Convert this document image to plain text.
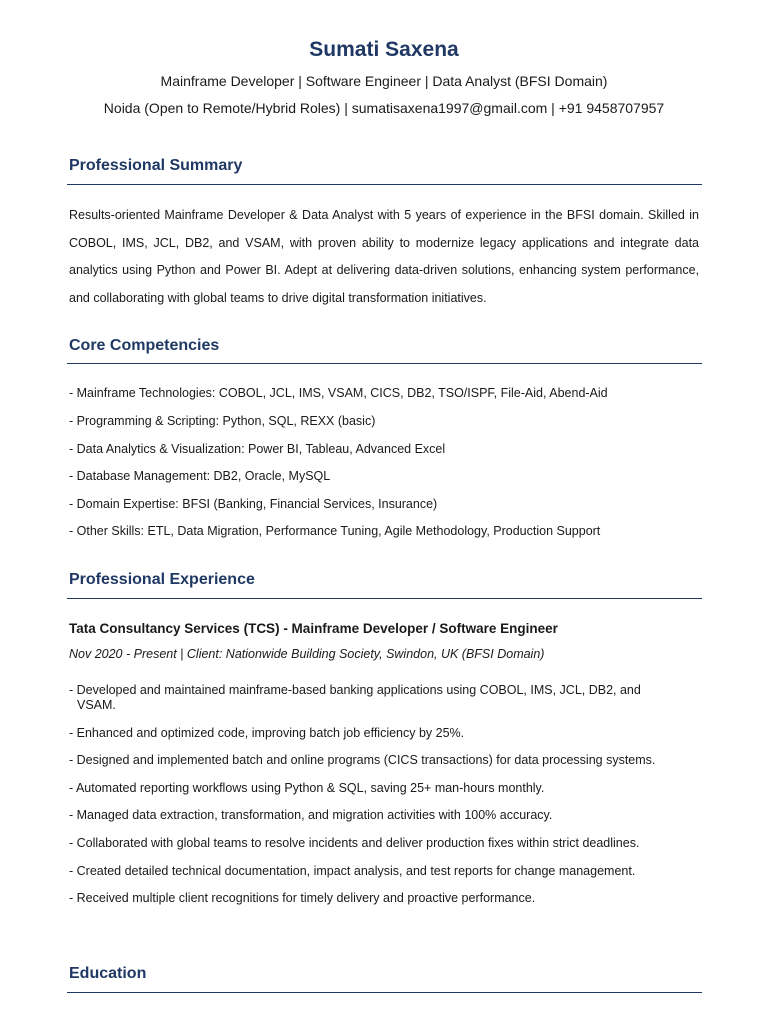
Sumati Saxena
Mainframe Developer | Software Engineer | Data Analyst (BFSI Domain)
Noida (Open to Remote/Hybrid Roles) | sumatisaxena1997@gmail.com | +91 9458707957
Professional Summary
Results-oriented Mainframe Developer & Data Analyst with 5 years of experience in the BFSI domain. Skilled in COBOL, IMS, JCL, DB2, and VSAM, with proven ability to modernize legacy applications and integrate data analytics using Python and Power BI. Adept at delivering data-driven solutions, enhancing system performance, and collaborating with global teams to drive digital transformation initiatives.
Core Competencies
- Mainframe Technologies: COBOL, JCL, IMS, VSAM, CICS, DB2, TSO/ISPF, File-Aid, Abend-Aid
- Programming & Scripting: Python, SQL, REXX (basic)
- Data Analytics & Visualization: Power BI, Tableau, Advanced Excel
- Database Management: DB2, Oracle, MySQL
- Domain Expertise: BFSI (Banking, Financial Services, Insurance)
- Other Skills: ETL, Data Migration, Performance Tuning, Agile Methodology, Production Support
Professional Experience
Tata Consultancy Services (TCS) - Mainframe Developer / Software Engineer
Nov 2020 - Present | Client: Nationwide Building Society, Swindon, UK (BFSI Domain)
- Developed and maintained mainframe-based banking applications using COBOL, IMS, JCL, DB2, and
VSAM.
- Enhanced and optimized code, improving batch job efficiency by 25%.
- Designed and implemented batch and online programs (CICS transactions) for data processing systems.
- Automated reporting workflows using Python & SQL, saving 25+ man-hours monthly.
- Managed data extraction, transformation, and migration activities with 100% accuracy.
- Collaborated with global teams to resolve incidents and deliver production fixes within strict deadlines.
- Created detailed technical documentation, impact analysis, and test reports for change management.
- Received multiple client recognitions for timely delivery and proactive performance.
Education
